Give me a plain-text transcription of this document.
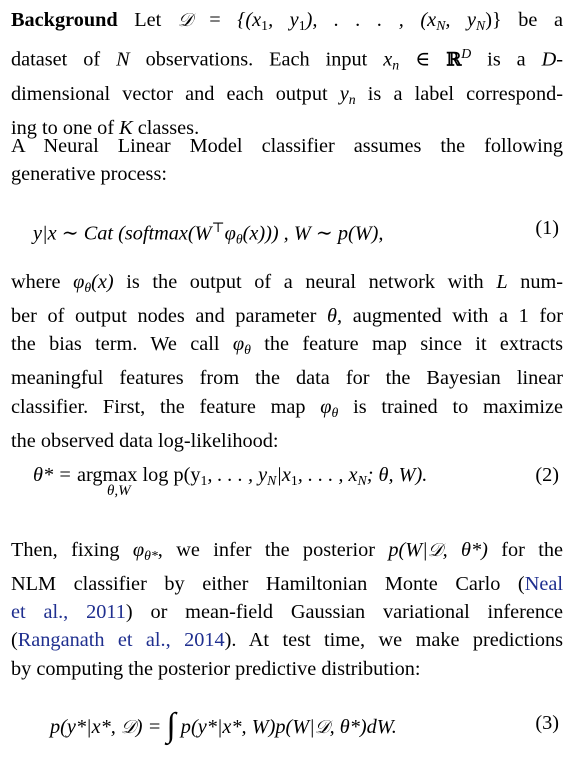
Background Let 𝒟 = {($x_1$, $y_1$), . . . , ($x_N$, $y_N$)} be a
dataset of N observations. Each input $x_n$ ∈ ℝ$^D$ is a D-
dimensional vector and each output $y_n$ is a label correspond-
ing to one of K classes.
A Neural Linear Model classifier assumes the following
generative process:
y|x ∼ Cat $(softmax(W^⊤\varphi_\theta(x)))$ , W ∼ p(W),	(1)
where $\varphi_\theta(x)$ is the output of a neural network with L num-
ber of output nodes and parameter θ, augmented with a 1 for
the bias term. We call $\varphi_\theta$ the feature map since it extracts
meaningful features from the data for the Bayesian linear
classifier. First, the feature map $\varphi_\theta$ is trained to maximize
the observed data log-likelihood:
θ* = argmax $\log p(y_1$, . . . , $y_N|x_1$, . . . , $x_N$; θ, W).
θ,W
(2)
Then, fixing $\varphi_{\theta*}$, we infer the posterior p(W|𝒟, θ*) for the
NLM classifier by either Hamiltonian Monte Carlo (Neal
et al., 2011) or mean-field Gaussian variational inference
(Ranganath et al., 2014). At test time, we make predictions
by computing the posterior predictive distribution:
p(y*|x*, 𝒟) = ∫ p(y*|x*, W)p(W|𝒟, θ*)dW.	(3)
